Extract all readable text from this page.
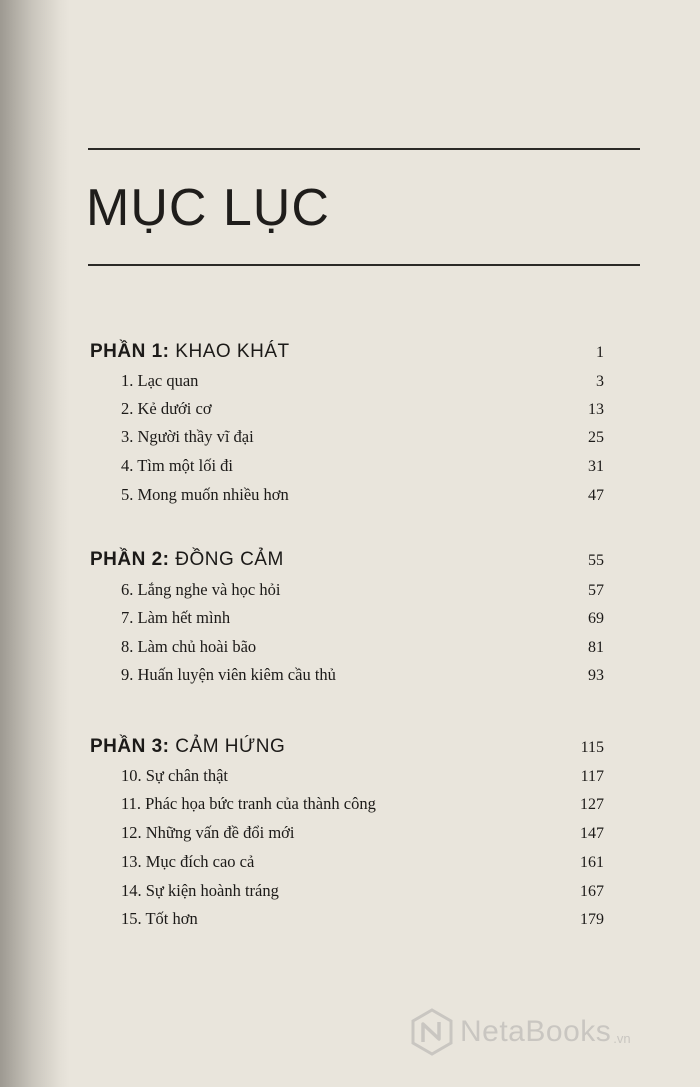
MỤC LỤC
PHẦN 1: KHAO KHÁT	1
1. Lạc quan	3
2. Kẻ dưới cơ	13
3. Người thầy vĩ đại	25
4. Tìm một lối đi	31
5. Mong muốn nhiều hơn	47
PHẦN 2: ĐỒNG CẢM	55
6. Lắng nghe và học hỏi	57
7. Làm hết mình	69
8. Làm chủ hoài bão	81
9. Huấn luyện viên kiêm cầu thủ	93
PHẦN 3: CẢM HỨNG	115
10. Sự chân thật	117
11. Phác họa bức tranh của thành công	127
12. Những vấn đề đổi mới	147
13. Mục đích cao cả	161
14. Sự kiện hoành tráng	167
15. Tốt hơn	179
NetaBooks .vn
